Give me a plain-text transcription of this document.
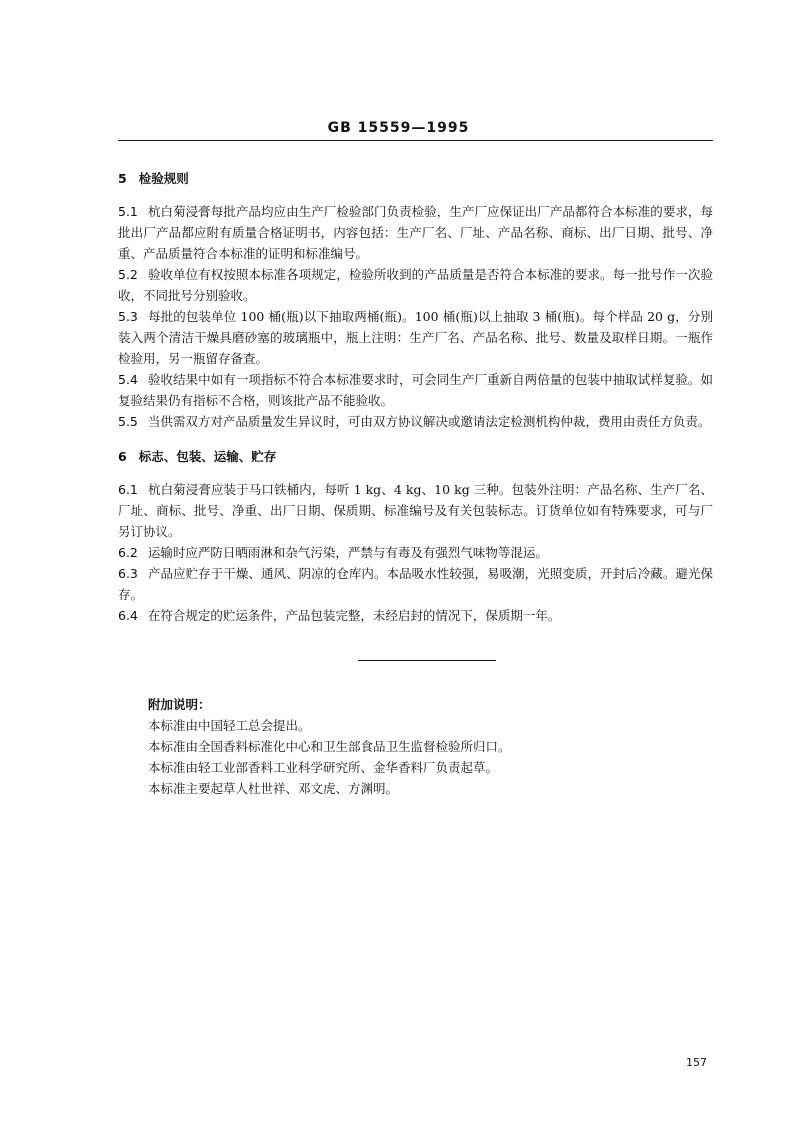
GB 15559—1995
5 检验规则

5.1 杭白菊浸膏每批产品均应由生产厂检验部门负责检验，生产厂应保证出厂产品都符合本标准的要求，每批出厂产品都应附有质量合格证明书，内容包括：生产厂名、厂址、产品名称、商标、出厂日期、批号、净重、产品质量符合本标准的证明和标准编号。

5.2 验收单位有权按照本标准各项规定，检验所收到的产品质量是否符合本标准的要求。每一批号作一次验收，不同批号分别验收。

5.3 每批的包装单位 100 桶(瓶)以下抽取两桶(瓶)。100 桶(瓶)以上抽取 3 桶(瓶)。每个样品 20 g，分别装入两个清洁干燥具磨砂塞的玻璃瓶中，瓶上注明：生产厂名、产品名称、批号、数量及取样日期。一瓶作检验用，另一瓶留存备查。

5.4 验收结果中如有一项指标不符合本标准要求时，可会同生产厂重新自两倍量的包装中抽取试样复验。如复验结果仍有指标不合格，则该批产品不能验收。

5.5 当供需双方对产品质量发生异议时，可由双方协议解决或邀请法定检测机构仲裁，费用由责任方负责。

6 标志、包装、运输、贮存

6.1 杭白菊浸膏应装于马口铁桶内，每听 1 kg、4 kg、10 kg 三种。包装外注明：产品名称、生产厂名、厂址、商标、批号、净重、出厂日期、保质期、标准编号及有关包装标志。订货单位如有特殊要求，可与厂另订协议。

6.2 运输时应严防日晒雨淋和杂气污染，严禁与有毒及有强烈气味物等混运。

6.3 产品应贮存于干燥、通风、阴凉的仓库内。本品吸水性较强，易吸潮，光照变质，开封后冷藏。避光保存。

6.4 在符合规定的贮运条件，产品包装完整，未经启封的情况下，保质期一年。

附加说明：

本标准由中国轻工总会提出。

本标准由全国香料标准化中心和卫生部食品卫生监督检验所归口。

本标准由轻工业部香料工业科学研究所、金华香料厂负责起草。

本标准主要起草人杜世祥、邓文虎、方渊明。

157
